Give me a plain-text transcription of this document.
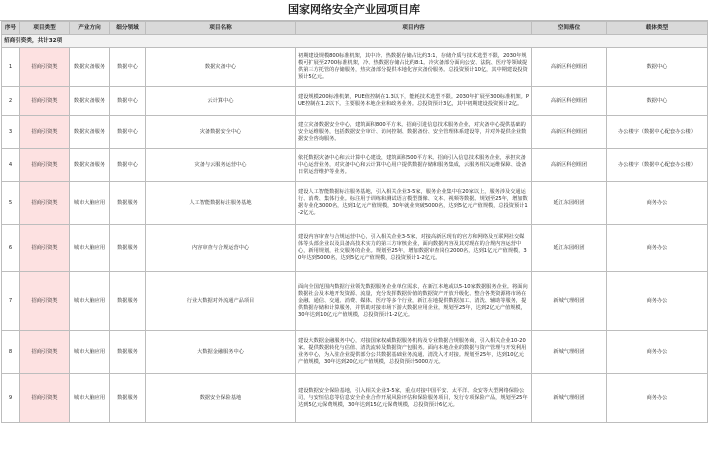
国家网络安全产业园项目库
序号	项目类型	产业方向	细分领域	项目名称	项目内容	空间落位	载体类型
招商引资类，共计32项							
1	招商引资类	数据灾备服务	数据中心	数据灾备中心	初期建设规模800标准机架，其中冷、热数据存储占比约3:1，存储介质与技术选型不限，2030年规模可扩展至2700标准机架，冷、热数据存储占比约8:1。冷灾备部分面向公安、法院、医疗等领域提供第三方托管的存储服务，热灾备部分提供本地化容灾备份服务。总投资预计10亿，其中期建设投资预计5亿元。	高新区科创组团	数据中心
2	招商引资类	数据灾备服务	数据中心	云计算中心	建设规模200标准机架，PUE值控制在1.3以下，能耗技术选型不限。2030年扩展至300标准机架。PUE控制在1.2以下。主要服务本地企业和政务业务。总投资预计3亿，其中初期建设投资预计2亿。	高新区科创组团	数据中心
3	招商引资类	数据灾备服务	数据中心	灾备数据安全中心	建立灾备数据安全中心，建筑面积800平方米。招商引进信息技术服务企业，对灾备中心提供基础的安全运维服务，包括数据安全审计、访问控制、数据备份、安全管理体系建设等，并对外提供企业数据安全咨询服务。	高新区科创组团	办公楼宇（数据中心配套办公楼）
4	招商引资类	数据灾备服务	数据中心	灾备与云服务运营中心	依托数据灾备中心和云计算中心建设，建筑面积500平方米。招商引入信息技术服务企业，承担灾备中心运营业务，对灾备中心和云计算中心用户提供数据存储和服务集成，云服务相关运维保障、设备日常运营维护等业务。	高新区科创组团	办公楼宇（数据中心配套办公楼）
5	招商引资类	城市大脑应用	数据服务	人工智能数据标注服务基地	建设人工智能数据标注服务基地，引入相关企业3-5家，服务企业集中在20家以上，服务涉及交通运行、消费、集体行业。标注用于训练和测试语言模型图像、文本、视频等数据。规划至25年，增加数据专业化3000名，达到1亿元产值规模，30年就业突破5000名，达到5亿元产值规模，总投资预计1-2亿元。	延江东园组团	商务办公
6	招商引资类	城市大脑应用	数据服务	内容审查与合规运营中心	建设内容审查与合规运营中心，引入相关企业3-5家，对接高新区现有的官方和网络及互联网社交媒体等头部企业以及具备高技术实力的第三方审核企业，面向数据内容及其对现在的合规内容运营中心，新用规划，社交服务的企业。规划至25年，增加数据审查岗位2000名，达到1亿元产值规模，30年达到5000名，达到5亿元产值规模，总投资预计1-2亿元。	延江东园组团	商务办公
7	招商引资类	城市大脑应用	数据服务	行业大数据对外流通产品项目	面向全国范围内数据行业领先数据服务企业单位需求，在新江本地或以5-10家数据服务企业。将面向数据社会及本地开发资源、流量，充分发挥数据价值的数据资产开放升级化、整合各类资源将市场在金融、通信、交通、消费、媒体、医疗等多个行业，新江在地提供数据加工、清洗、辅助等服务，提供数据存储和计算服务，并帮助对接市场下游大数据应用企业，规划至25年，达到2亿元产值规模，30年达到10亿元产值规模，总投资预计1-2亿元。	新城气理组团	商务办公
8	招商引资类	城市大脑应用	数据服务	大数据金融服务中心	建设大数据金融服务中心，对接国家权威数据服务机构及专业数据合规服务商，引入相关企业10-20家。提供数据转化与估值、清洗流转及数据资产包服务。面向本地企业的数据与资产管理与开发利用业务中心，为入驻企业提供部分公共数据基础业务流通、清洗入才对接。规划至25年，达到10亿元产值规模，30年达到20亿元产值规模，总投资预计5000万元。	新城气理组团	商务办公
9	招商引资类	城市大脑应用	数据服务	数据安全保险基地	建设数据安全保险基地，引入相关企业3-5家，重点对接中国平安、太平洋、众安等大型网络保险公司，与安恒信息等信息安全企业合作开展风险评估和保险服务项目，发行专项保险产品，规划至25年达到5亿元保费规模，30年达到15亿元保费规模，总投资预计6亿元。	新城气理组团	商务办公
